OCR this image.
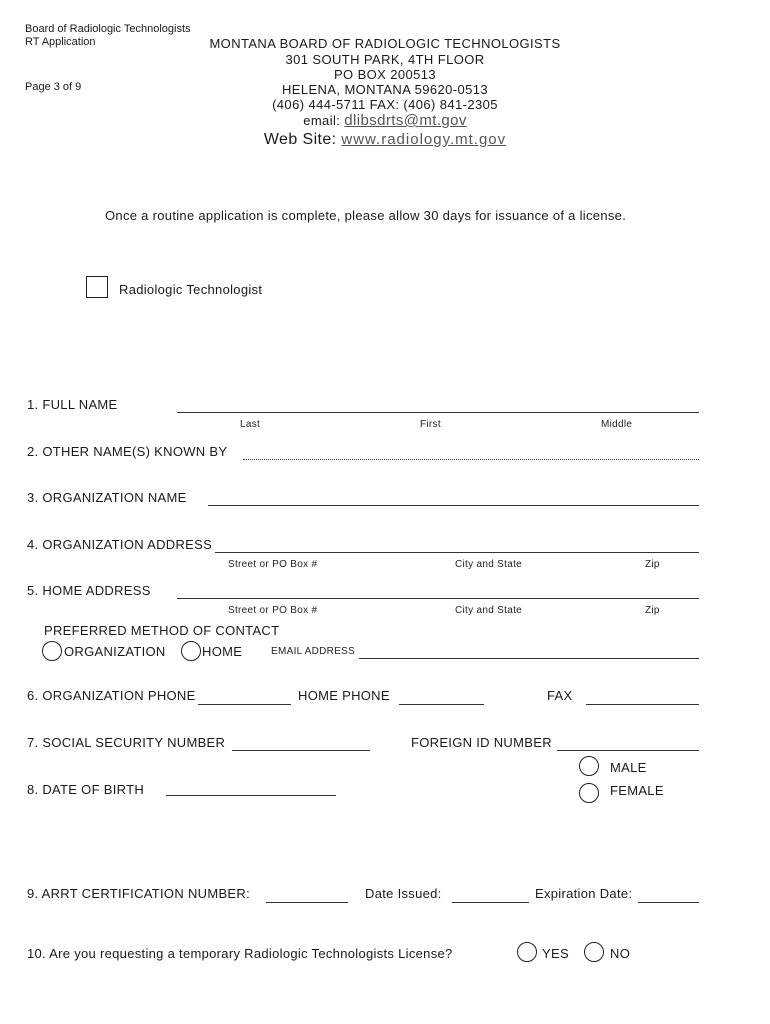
Board of Radiologic Technologists
RT Application
Page 3 of 9
MONTANA BOARD OF RADIOLOGIC TECHNOLOGISTS
301 SOUTH PARK, 4TH FLOOR
PO BOX 200513
HELENA, MONTANA 59620-0513
(406) 444-5711 FAX: (406) 841-2305
email: dlibsdrts@mt.gov
Web Site: www.radiology.mt.gov
Once a routine application is complete, please allow 30 days for issuance of a license.
Radiologic Technologist
1. FULL NAME
Last	First	Middle
2. OTHER NAME(S) KNOWN BY
3. ORGANIZATION NAME
4. ORGANIZATION ADDRESS
Street or PO Box #	City and State	Zip
5. HOME ADDRESS
Street or PO Box #	City and State	Zip
PREFERRED METHOD OF CONTACT
ORGANIZATION	HOME	EMAIL ADDRESS
6. ORGANIZATION PHONE	HOME PHONE	FAX
7. SOCIAL SECURITY NUMBER	FOREIGN ID NUMBER
MALE
FEMALE
8. DATE OF BIRTH
9. ARRT CERTIFICATION NUMBER:	Date Issued:	Expiration Date:
10. Are you requesting a temporary Radiologic Technologists License?	YES	NO
